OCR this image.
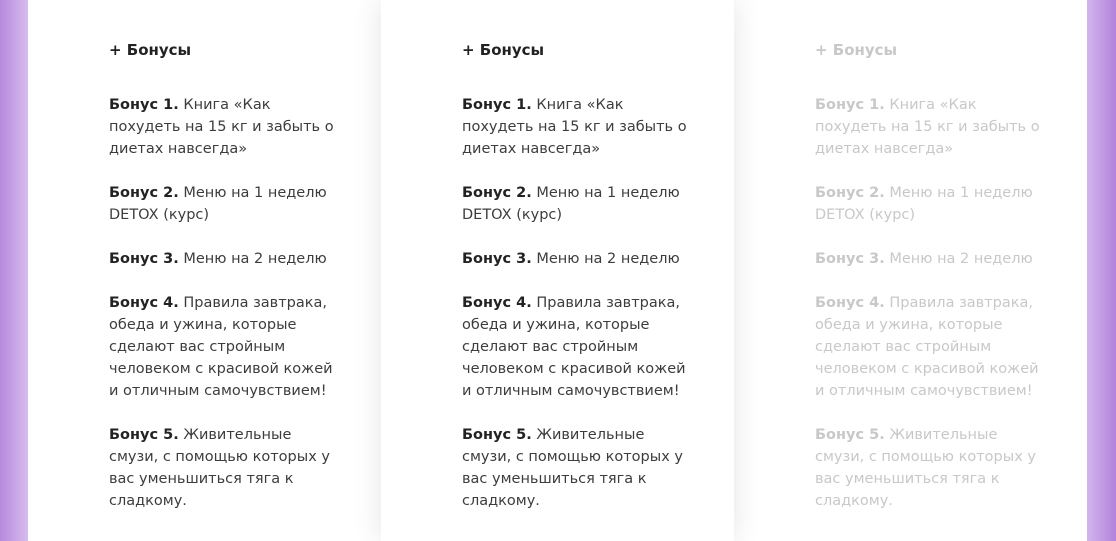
+ Бонусы
Бонус 1. Книга «Как похудеть на 15 кг и забыть о диетах навсегда»
Бонус 2. Меню на 1 неделю DETOX (курс)
Бонус 3. Меню на 2 неделю
Бонус 4. Правила завтрака, обеда и ужина, которые сделают вас стройным человеком с красивой кожей и отличным самочувствием!
Бонус 5. Живительные смузи, с помощью которых у вас уменьшиться тяга к сладкому.
+ Бонусы
Бонус 1. Книга «Как похудеть на 15 кг и забыть о диетах навсегда»
Бонус 2. Меню на 1 неделю DETOX (курс)
Бонус 3. Меню на 2 неделю
Бонус 4. Правила завтрака, обеда и ужина, которые сделают вас стройным человеком с красивой кожей и отличным самочувствием!
Бонус 5. Живительные смузи, с помощью которых у вас уменьшиться тяга к сладкому.
+ Бонусы
Бонус 1. Книга «Как похудеть на 15 кг и забыть о диетах навсегда»
Бонус 2. Меню на 1 неделю DETOX (курс)
Бонус 3. Меню на 2 неделю
Бонус 4. Правила завтрака, обеда и ужина, которые сделают вас стройным человеком с красивой кожей и отличным самочувствием!
Бонус 5. Живительные смузи, с помощью которых у вас уменьшиться тяга к сладкому.
